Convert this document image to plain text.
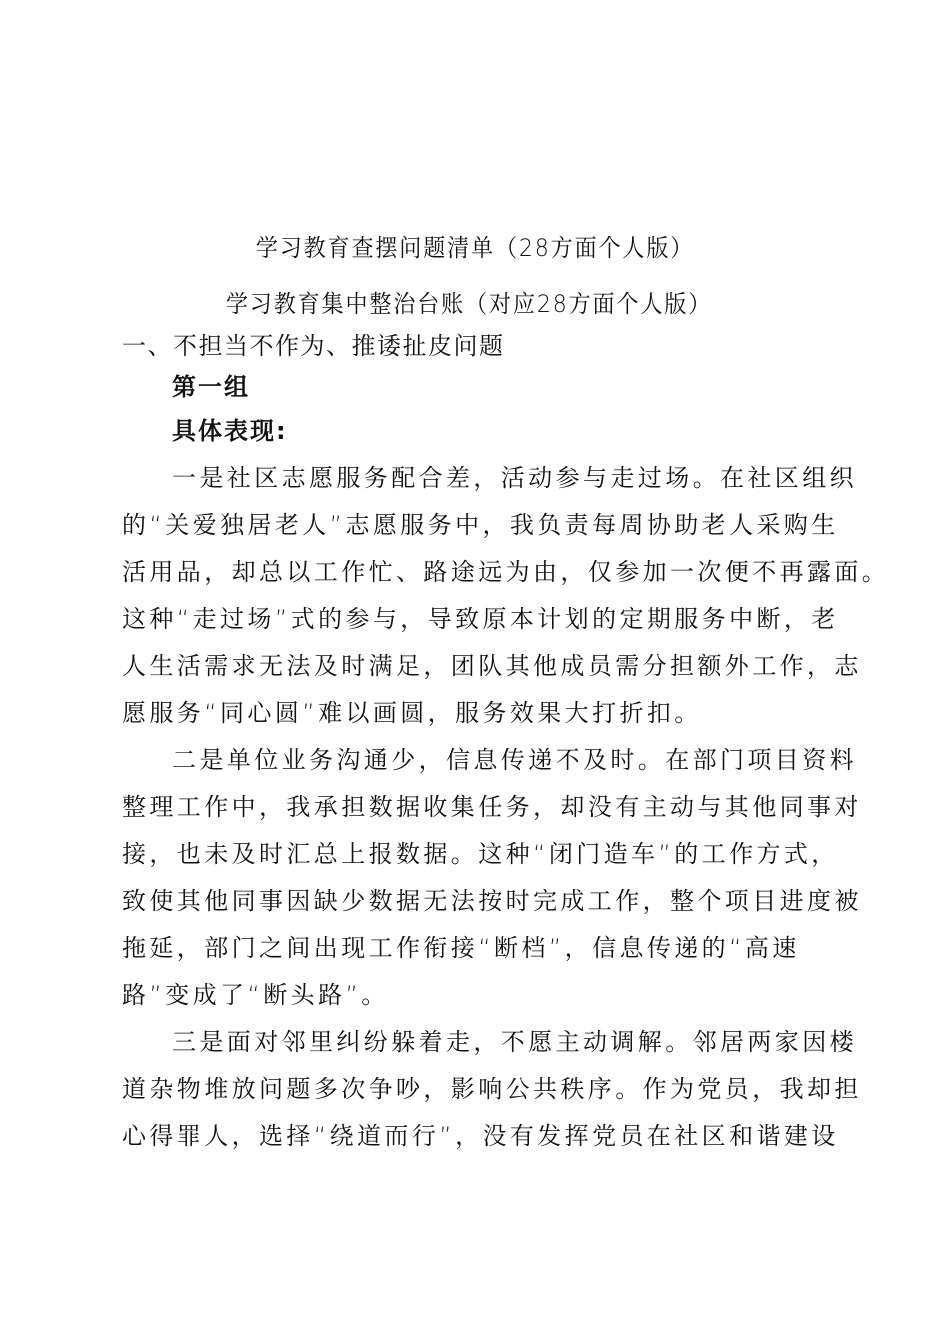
学习教育查摆问题清单（28方面个人版）
学习教育集中整治台账（对应28方面个人版）
一、不担当不作为、推诿扯皮问题
第一组
具体表现:
一是社区志愿服务配合差，活动参与走过场。在社区组织
的“关爱独居老人”志愿服务中，我负责每周协助老人采购生
活用品，却总以工作忙、路途远为由，仅参加一次便不再露面。
这种“走过场”式的参与，导致原本计划的定期服务中断，老
人生活需求无法及时满足，团队其他成员需分担额外工作，志
愿服务“同心圆”难以画圆，服务效果大打折扣。
二是单位业务沟通少，信息传递不及时。在部门项目资料
整理工作中，我承担数据收集任务，却没有主动与其他同事对
接，也未及时汇总上报数据。这种“闭门造车”的工作方式，
致使其他同事因缺少数据无法按时完成工作，整个项目进度被
拖延，部门之间出现工作衔接“断档”，信息传递的“高速
路”变成了“断头路”。
三是面对邻里纠纷躲着走，不愿主动调解。邻居两家因楼
道杂物堆放问题多次争吵，影响公共秩序。作为党员，我却担
心得罪人，选择“绕道而行”，没有发挥党员在社区和谐建设
